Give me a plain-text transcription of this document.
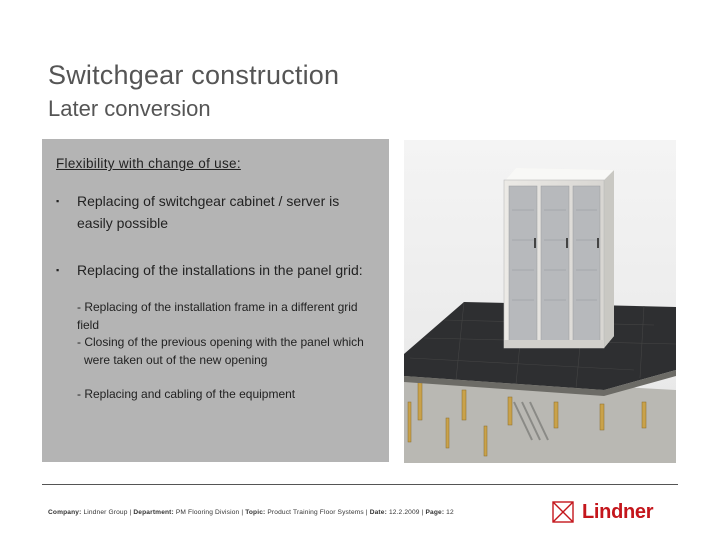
Switchgear construction
Later conversion
Flexibility with change of use:
▪ Replacing of switchgear cabinet / server is easily possible
▪ Replacing of the installations in the panel grid:
- Replacing of the installation frame in a different grid field
- Closing of the previous opening with the panel which
were taken out of the new opening
- Replacing and cabling of the equipment
Company: Lindner Group | Department: PM Flooring Division | Topic: Product Training Floor Systems | Date: 12.2.2009 | Page: 12	Lindner
